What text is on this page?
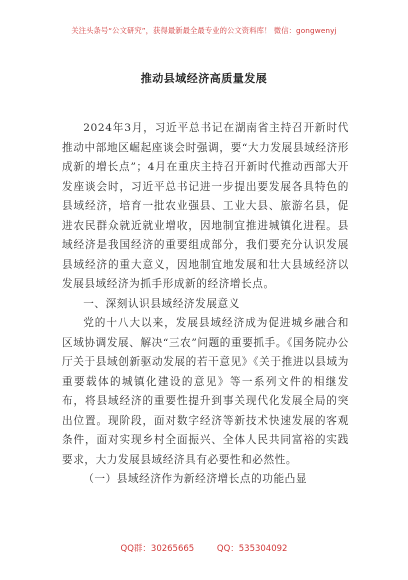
关注头条号“公文研究”，获得最新最全最专业的公文资料库！ 微信：gongwenyj
推动县域经济高质量发展

2024年3月，习近平总书记在湖南省主持召开新时代推动中部地区崛起座谈会时强调，要“大力发展县域经济形成新的增长点”；4月在重庆主持召开新时代推动西部大开发座谈会时，习近平总书记进一步提出要发展各具特色的县域经济，培育一批农业强县、工业大县、旅游名县，促进农民群众就近就业增收，因地制宜推进城镇化进程。县域经济是我国经济的重要组成部分，我们要充分认识发展县域经济的重大意义，因地制宜地发展和壮大县域经济以发展县域经济为抓手形成新的经济增长点。

一、深刻认识县域经济发展意义

党的十八大以来，发展县域经济成为促进城乡融合和区域协调发展、解决“三农”问题的重要抓手。《国务院办公厅关于县域创新驱动发展的若干意见》《关于推进以县域为重要载体的城镇化建设的意见》等一系列文件的相继发布，将县域经济的重要性提升到事关现代化发展全局的突出位置。现阶段，面对数字经济等新技术快速发展的客观条件，面对实现乡村全面振兴、全体人民共同富裕的实践要求，大力发展县域经济具有必要性和必然性。

（一）县域经济作为新经济增长点的功能凸显

QQ群：30265665	QQ：535304092
